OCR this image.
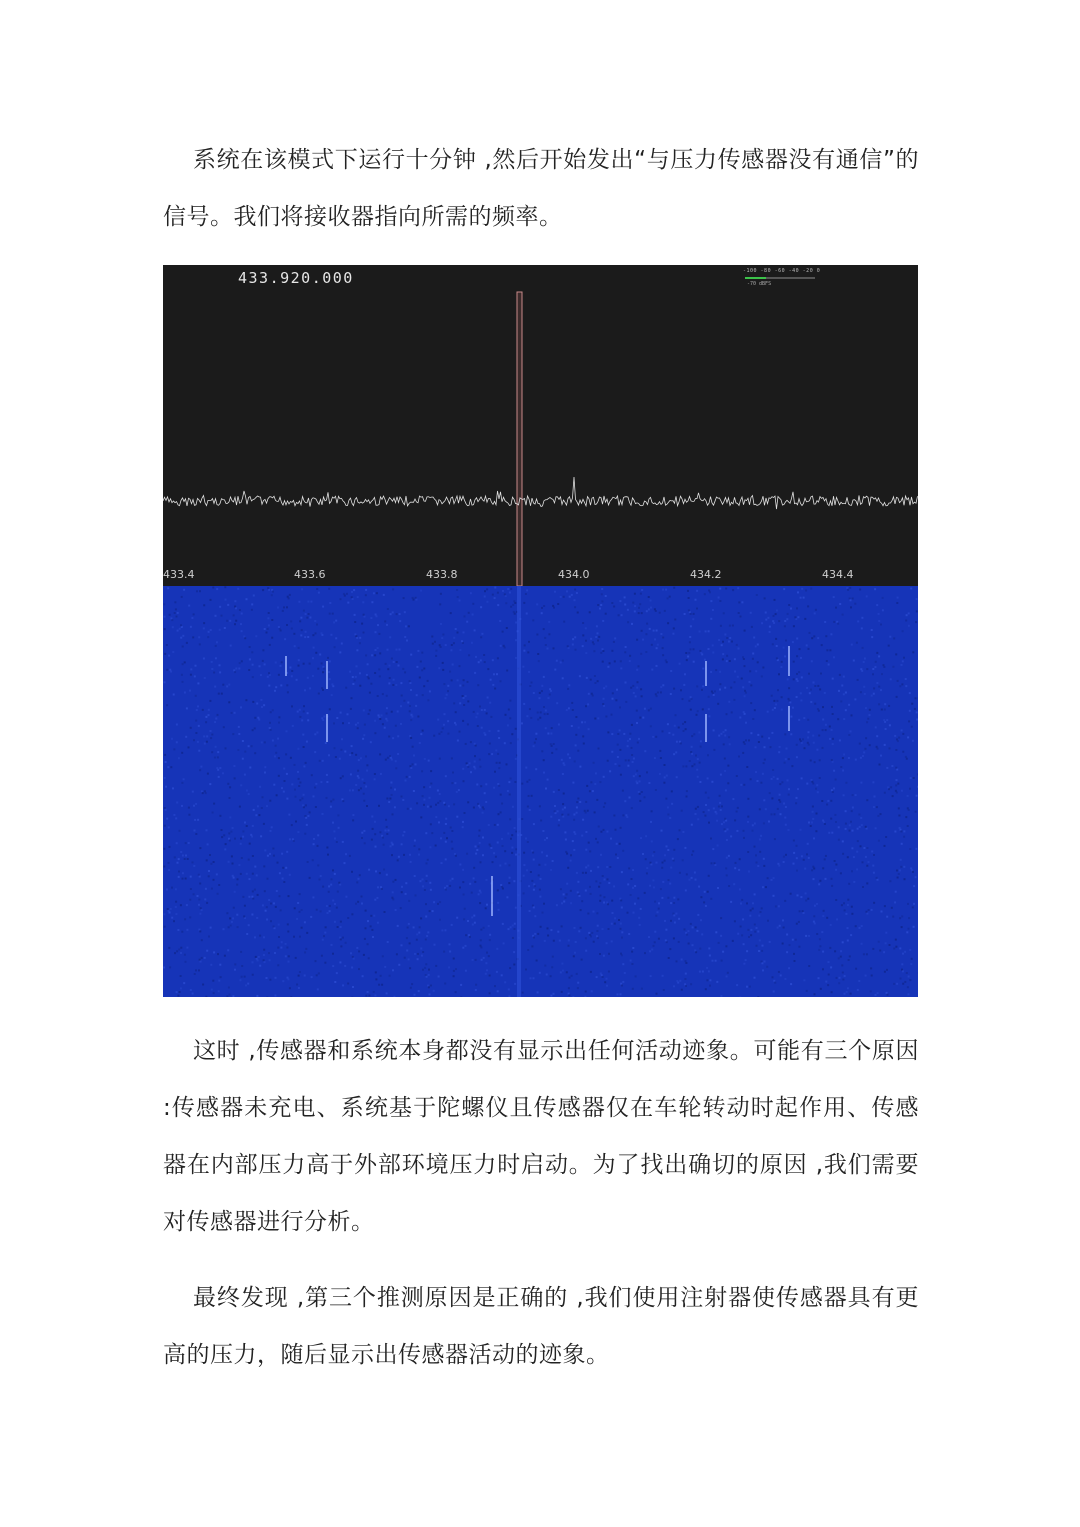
系统在该模式下运行十分钟 ,然后开始发出“与压力传感器没有通信”的信号。我们将接收器指向所需的频率。

433.920.000	-100 -80 -60 -40 -20 0
-70 dBFS
433.4	433.6	433.8	434.0	434.2	434.4

这时 ,传感器和系统本身都没有显示出任何活动迹象。可能有三个原因 :传感器未充电、系统基于陀螺仪且传感器仅在车轮转动时起作用、传感器在内部压力高于外部环境压力时启动。为了找出确切的原因 ,我们需要对传感器进行分析。

最终发现 ,第三个推测原因是正确的 ,我们使用注射器使传感器具有更高的压力，随后显示出传感器活动的迹象。
